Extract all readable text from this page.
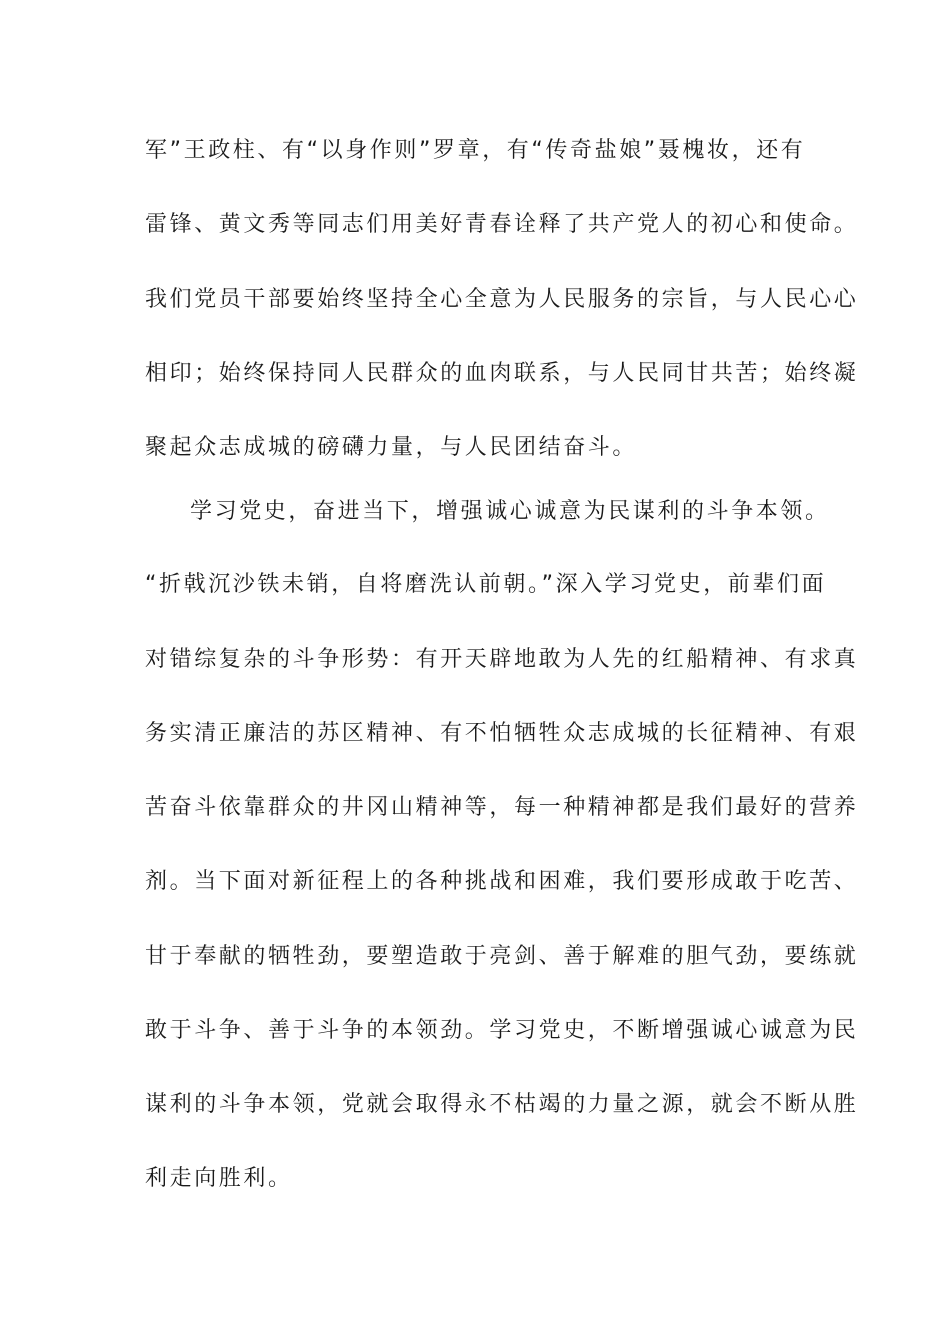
军”王政柱、有“以身作则”罗章，有“传奇盐娘”聂槐妆，还有
雷锋、黄文秀等同志们用美好青春诠释了共产党人的初心和使命。
我们党员干部要始终坚持全心全意为人民服务的宗旨，与人民心心
相印；始终保持同人民群众的血肉联系，与人民同甘共苦；始终凝
聚起众志成城的磅礴力量，与人民团结奋斗。
学习党史，奋进当下，增强诚心诚意为民谋利的斗争本领。
“折戟沉沙铁未销，自将磨洗认前朝。”深入学习党史，前辈们面
对错综复杂的斗争形势：有开天辟地敢为人先的红船精神、有求真
务实清正廉洁的苏区精神、有不怕牺牲众志成城的长征精神、有艰
苦奋斗依靠群众的井冈山精神等，每一种精神都是我们最好的营养
剂。当下面对新征程上的各种挑战和困难，我们要形成敢于吃苦、
甘于奉献的牺牲劲，要塑造敢于亮剑、善于解难的胆气劲，要练就
敢于斗争、善于斗争的本领劲。学习党史，不断增强诚心诚意为民
谋利的斗争本领，党就会取得永不枯竭的力量之源，就会不断从胜
利走向胜利。
